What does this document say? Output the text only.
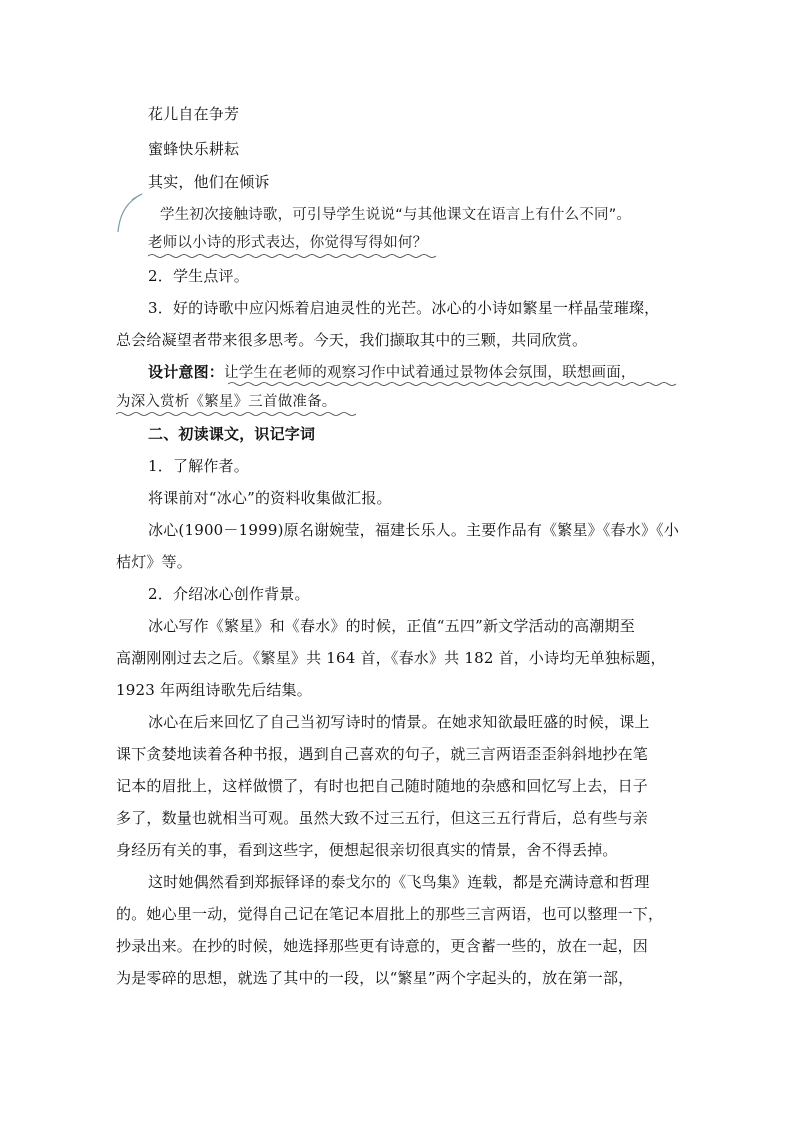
花儿自在争芳
蜜蜂快乐耕耘
其实，他们在倾诉
学生初次接触诗歌，可引导学生说说“与其他课文在语言上有什么不同”。
老师以小诗的形式表达，你觉得写得如何？
2．学生点评。
3．好的诗歌中应闪烁着启迪灵性的光芒。冰心的小诗如繁星一样晶莹璀璨，
总会给凝望者带来很多思考。今天，我们撷取其中的三颗，共同欣赏。
设计意图：让学生在老师的观察习作中试着通过景物体会氛围，联想画面，
为深入赏析《繁星》三首做准备。
二、初读课文，识记字词
1．了解作者。
将课前对“冰心”的资料收集做汇报。
冰心(1900－1999)原名谢婉莹，福建长乐人。主要作品有《繁星》《春水》《小
桔灯》等。
2．介绍冰心创作背景。
冰心写作《繁星》和《春水》的时候，正值“五四”新文学活动的高潮期至
高潮刚刚过去之后。《繁星》共 164 首，《春水》共 182 首，小诗均无单独标题，
1923 年两组诗歌先后结集。
冰心在后来回忆了自己当初写诗时的情景。在她求知欲最旺盛的时候，课上
课下贪婪地读着各种书报，遇到自己喜欢的句子，就三言两语歪歪斜斜地抄在笔
记本的眉批上，这样做惯了，有时也把自己随时随地的杂感和回忆写上去，日子
多了，数量也就相当可观。虽然大致不过三五行，但这三五行背后，总有些与亲
身经历有关的事，看到这些字，便想起很亲切很真实的情景，舍不得丢掉。
这时她偶然看到郑振铎译的泰戈尔的《飞鸟集》连载，都是充满诗意和哲理
的。她心里一动，觉得自己记在笔记本眉批上的那些三言两语，也可以整理一下，
抄录出来。在抄的时候，她选择那些更有诗意的，更含蓄一些的，放在一起，因
为是零碎的思想，就选了其中的一段，以“繁星”两个字起头的，放在第一部，
